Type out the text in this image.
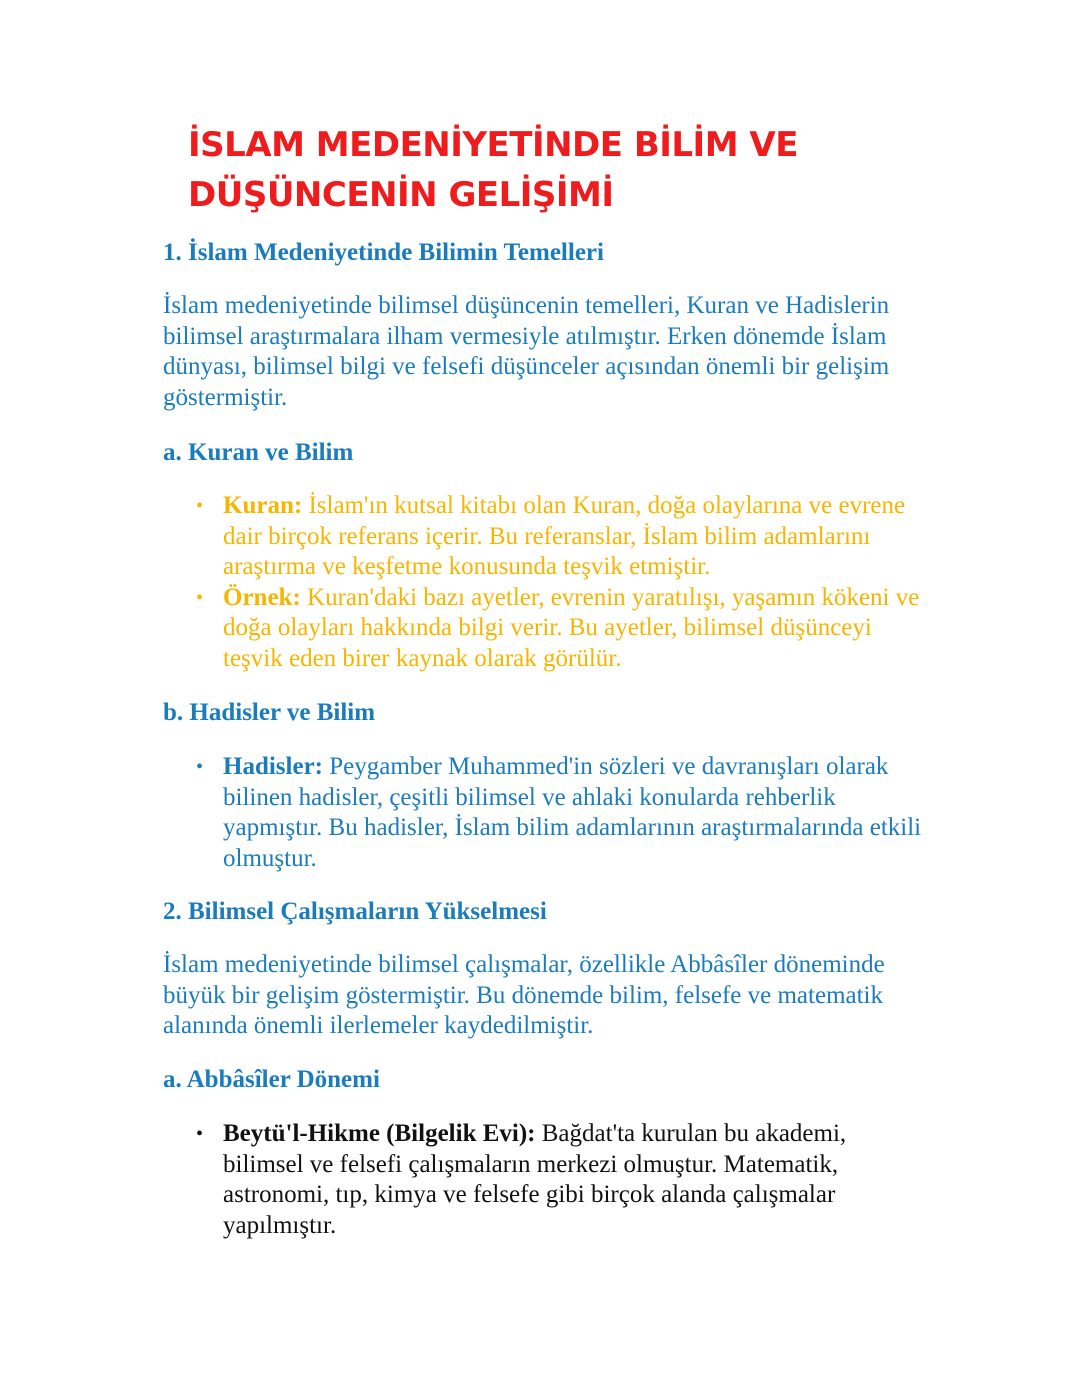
İSLAM MEDENİYETİNDE BİLİM VE DÜŞÜNCENİN GELİŞİMİ
1. İslam Medeniyetinde Bilimin Temelleri

İslam medeniyetinde bilimsel düşüncenin temelleri, Kuran ve Hadislerin bilimsel araştırmalara ilham vermesiyle atılmıştır. Erken dönemde İslam dünyası, bilimsel bilgi ve felsefi düşünceler açısından önemli bir gelişim göstermiştir.

a. Kuran ve Bilim
• Kuran: İslam'ın kutsal kitabı olan Kuran, doğa olaylarına ve evrene dair birçok referans içerir. Bu referanslar, İslam bilim adamlarını araştırma ve keşfetme konusunda teşvik etmiştir.
• Örnek: Kuran'daki bazı ayetler, evrenin yaratılışı, yaşamın kökeni ve doğa olayları hakkında bilgi verir. Bu ayetler, bilimsel düşünceyi teşvik eden birer kaynak olarak görülür.
b. Hadisler ve Bilim
• Hadisler: Peygamber Muhammed'in sözleri ve davranışları olarak bilinen hadisler, çeşitli bilimsel ve ahlaki konularda rehberlik yapmıştır. Bu hadisler, İslam bilim adamlarının araştırmalarında etkili olmuştur.
2. Bilimsel Çalışmaların Yükselmesi

İslam medeniyetinde bilimsel çalışmalar, özellikle Abbâsîler döneminde büyük bir gelişim göstermiştir. Bu dönemde bilim, felsefe ve matematik alanında önemli ilerlemeler kaydedilmiştir.

a. Abbâsîler Dönemi
• Beytü'l-Hikme (Bilgelik Evi): Bağdat'ta kurulan bu akademi, bilimsel ve felsefi çalışmaların merkezi olmuştur. Matematik, astronomi, tıp, kimya ve felsefe gibi birçok alanda çalışmalar yapılmıştır.
